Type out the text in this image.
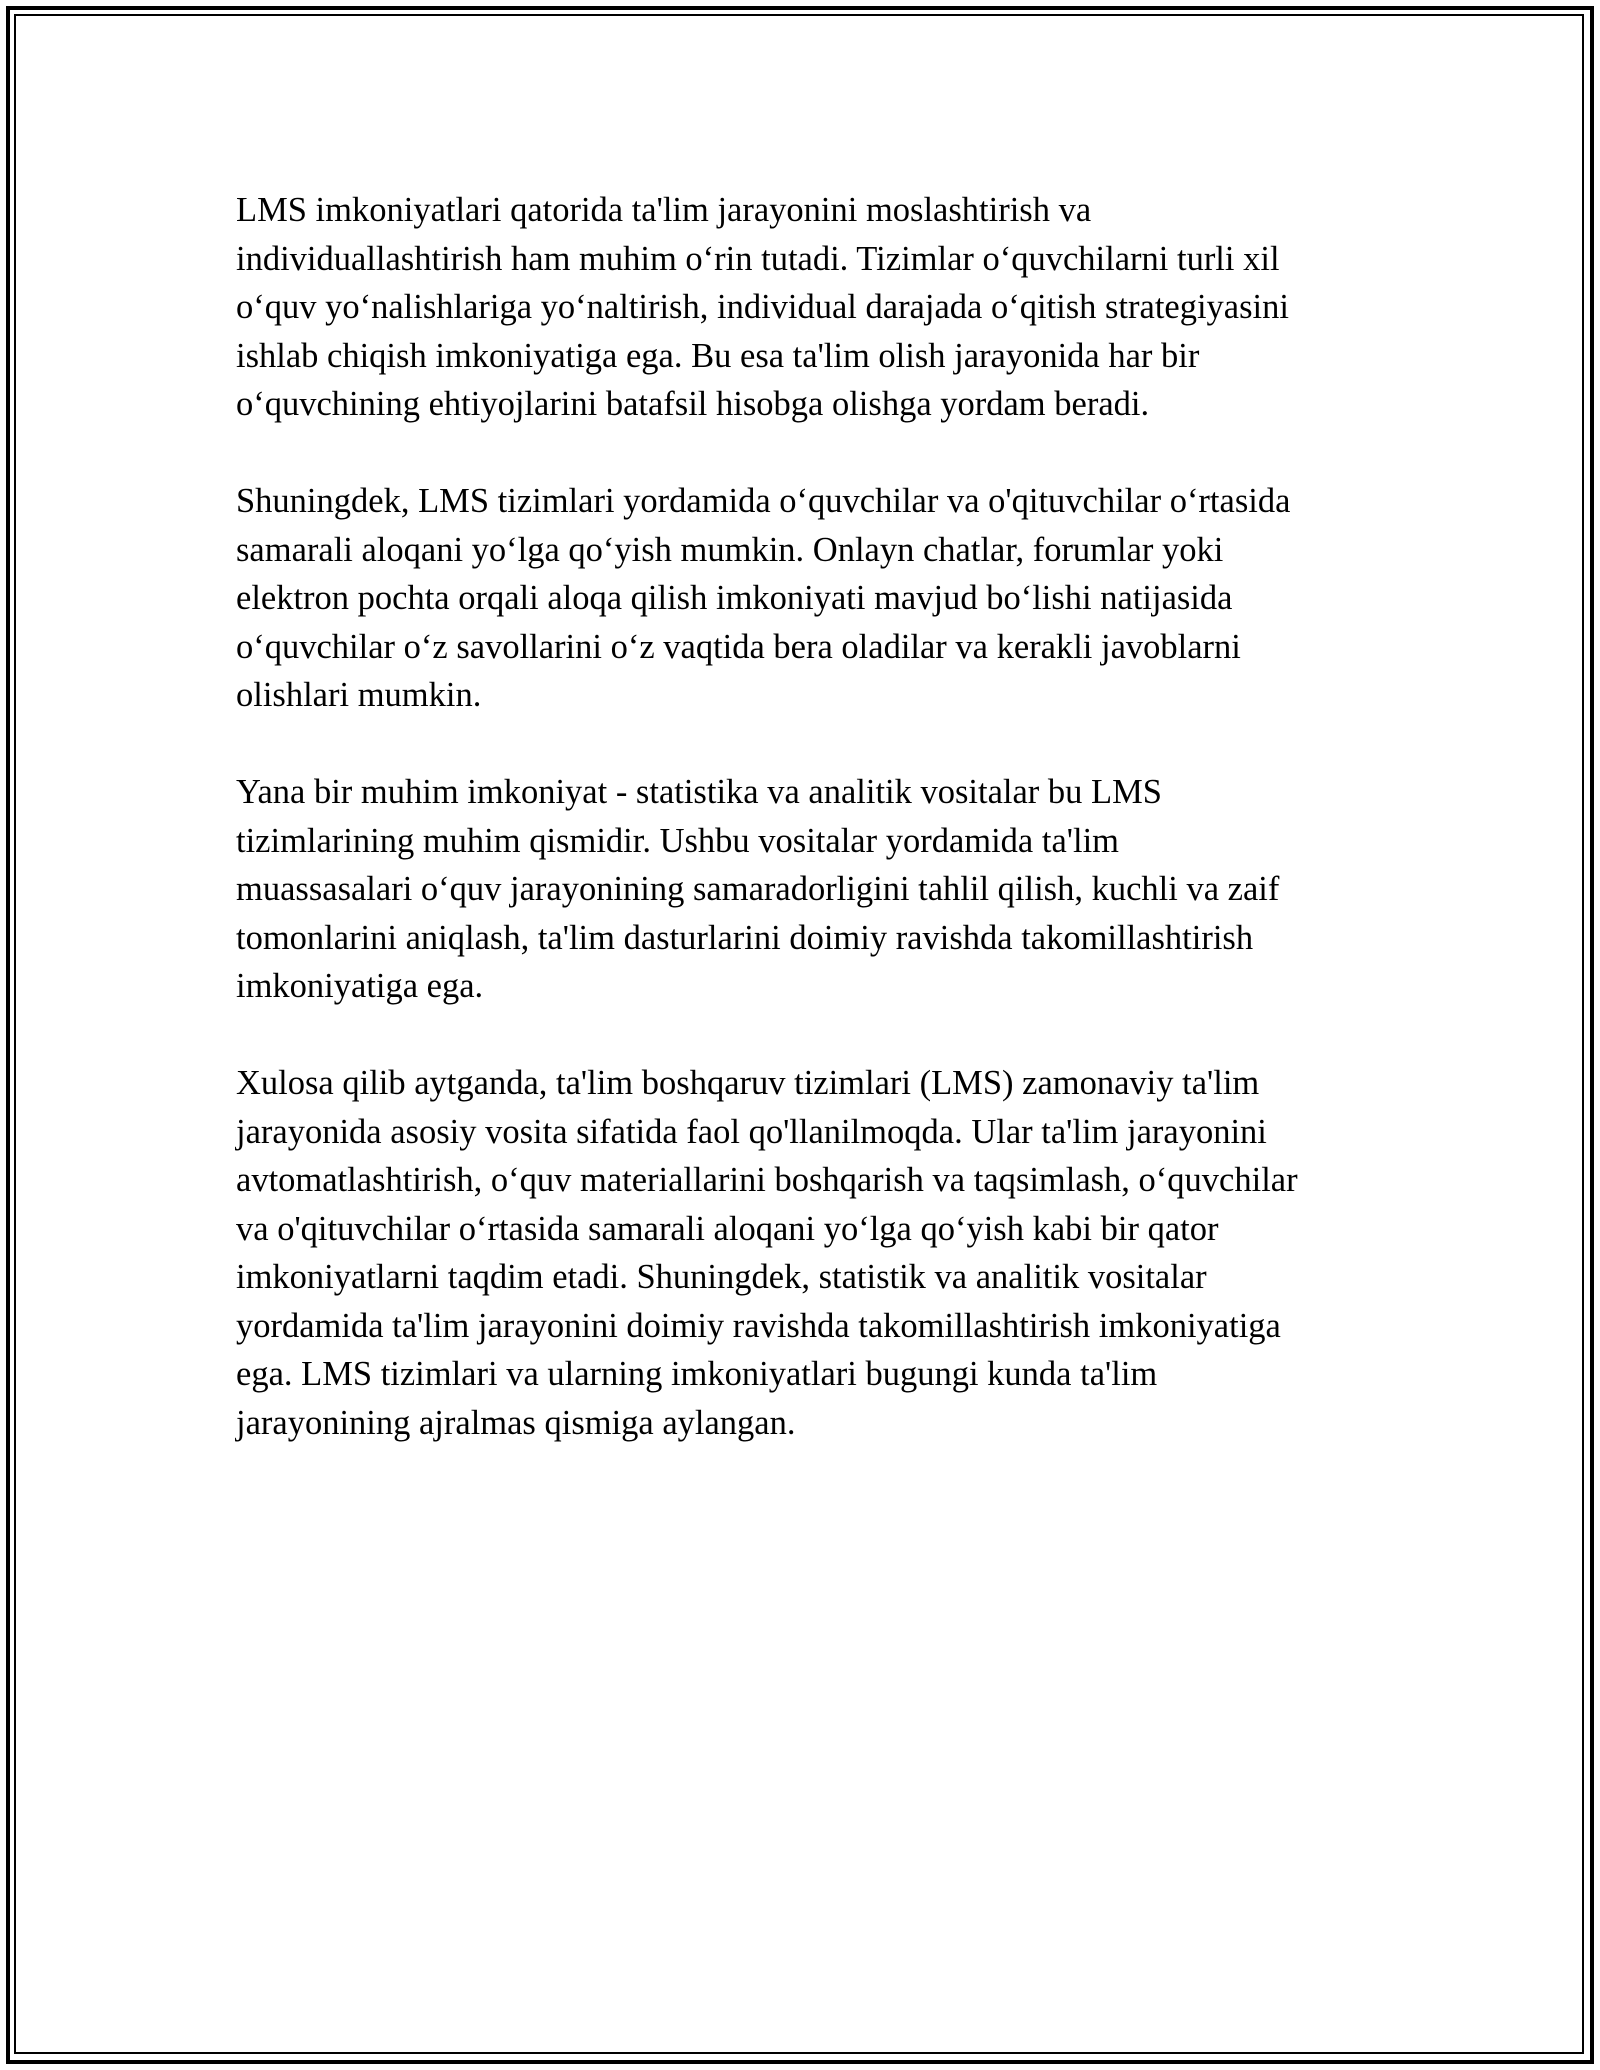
LMS imkoniyatlari qatorida ta'lim jarayonini moslashtirish va
individuallashtirish ham muhim o‘rin tutadi. Tizimlar o‘quvchilarni turli xil
o‘quv yo‘nalishlariga yo‘naltirish, individual darajada o‘qitish strategiyasini
ishlab chiqish imkoniyatiga ega. Bu esa ta'lim olish jarayonida har bir
o‘quvchining ehtiyojlarini batafsil hisobga olishga yordam beradi.

Shuningdek, LMS tizimlari yordamida o‘quvchilar va o'qituvchilar o‘rtasida
samarali aloqani yo‘lga qo‘yish mumkin. Onlayn chatlar, forumlar yoki
elektron pochta orqali aloqa qilish imkoniyati mavjud bo‘lishi natijasida
o‘quvchilar o‘z savollarini o‘z vaqtida bera oladilar va kerakli javoblarni
olishlari mumkin.

Yana bir muhim imkoniyat - statistika va analitik vositalar bu LMS
tizimlarining muhim qismidir. Ushbu vositalar yordamida ta'lim
muassasalari o‘quv jarayonining samaradorligini tahlil qilish, kuchli va zaif
tomonlarini aniqlash, ta'lim dasturlarini doimiy ravishda takomillashtirish
imkoniyatiga ega.

Xulosa qilib aytganda, ta'lim boshqaruv tizimlari (LMS) zamonaviy ta'lim
jarayonida asosiy vosita sifatida faol qo'llanilmoqda. Ular ta'lim jarayonini
avtomatlashtirish, o‘quv materiallarini boshqarish va taqsimlash, o‘quvchilar
va o'qituvchilar o‘rtasida samarali aloqani yo‘lga qo‘yish kabi bir qator
imkoniyatlarni taqdim etadi. Shuningdek, statistik va analitik vositalar
yordamida ta'lim jarayonini doimiy ravishda takomillashtirish imkoniyatiga
ega. LMS tizimlari va ularning imkoniyatlari bugungi kunda ta'lim
jarayonining ajralmas qismiga aylangan.
